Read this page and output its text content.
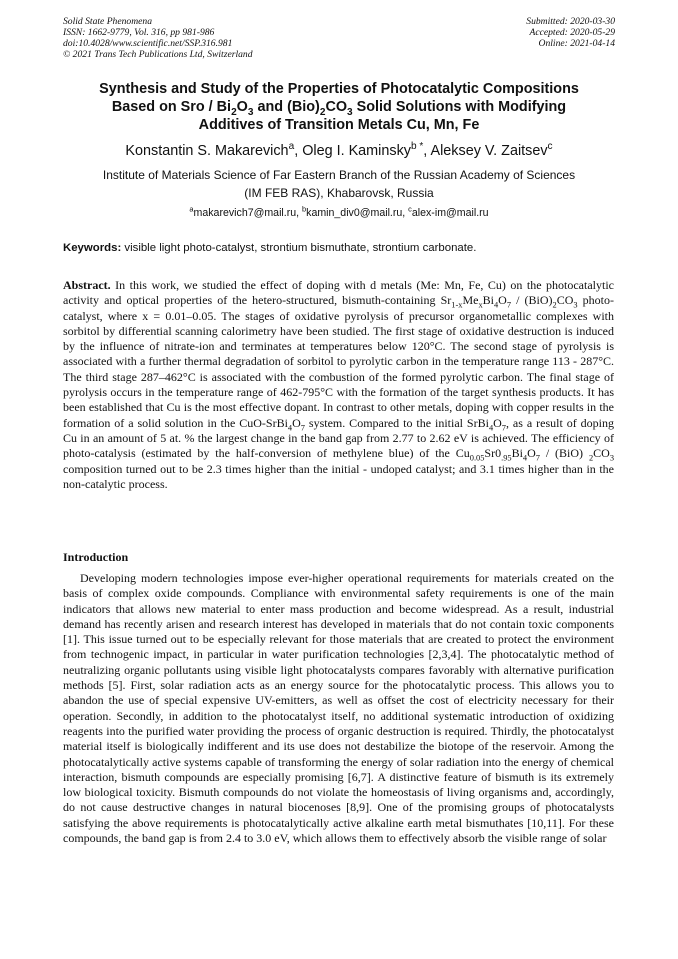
Solid State Phenomena
ISSN: 1662-9779, Vol. 316, pp 981-986
doi:10.4028/www.scientific.net/SSP.316.981
© 2021 Trans Tech Publications Ltd, Switzerland
Submitted: 2020-03-30
Accepted: 2020-05-29
Online: 2021-04-14
Synthesis and Study of the Properties of Photocatalytic Compositions
Based on Sro / $Bi_2O_3$ and $(Bio)_2CO_3$ Solid Solutions with Modifying
Additives of Transition Metals Cu, Mn, Fe
Konstantin S. Makarevich$^a$, Oleg I. Kaminsky$^{b *}$, Aleksey V. Zaitsev$^c$
Institute of Materials Science of Far Eastern Branch of the Russian Academy of Sciences
(IM FEB RAS), Khabarovsk, Russia
$^a$makarevich7@mail.ru, $^b$kamin_div0@mail.ru, $^c$alex-im@mail.ru
Keywords: visible light photo-catalyst, strontium bismuthate, strontium carbonate.
Abstract. In this work, we studied the effect of doping with d metals (Me: Mn, Fe, Cu) on the photocatalytic activity and optical properties of the hetero-structured, bismuth-containing $Sr_{1-x}Me_xBi_4O_7 / (BiO)_2CO_3$ photo-catalyst, where x = 0.01–0.05. The stages of oxidative pyrolysis of precursor organometallic complexes with sorbitol by differential scanning calorimetry have been studied. The first stage of oxidative destruction is induced by the influence of nitrate-ion and terminates at temperatures below 120°C. The second stage of pyrolysis is associated with a further thermal degradation of sorbitol to pyrolytic carbon in the temperature range 113 - 287°C. The third stage 287–462°C is associated with the combustion of the formed pyrolytic carbon. The final stage of pyrolysis occurs in the temperature range of 462-795°C with the formation of the target synthesis products. It has been established that Cu is the most effective dopant. In contrast to other metals, doping with copper results in the formation of a solid solution in the CuO-$SrBi_4O_7$ system. Compared to the initial $SrBi_4O_7$, as a result of doping Cu in an amount of 5 at. % the largest change in the band gap from 2.77 to 2.62 eV is achieved. The efficiency of photo-catalysis (estimated by the half-conversion of methylene blue) of the $Cu_{0.05}Sr0_{.95}Bi_4O_7 / (BiO)$ $_2CO_3$ composition turned out to be 2.3 times higher than the initial - undoped catalyst; and 3.1 times higher than in the non-catalytic process.
Introduction
Developing modern technologies impose ever-higher operational requirements for materials created on the basis of complex oxide compounds. Compliance with environmental safety requirements is one of the main indicators that allows new material to enter mass production and become widespread. As a result, industrial demand has recently arisen and research interest has developed in materials that do not contain toxic components [1]. This issue turned out to be especially relevant for those materials that are created to protect the environment from technogenic impact, in particular in water purification technologies [2,3,4]. The photocatalytic method of neutralizing organic pollutants using visible light photocatalysts compares favorably with alternative purification methods [5]. First, solar radiation acts as an energy source for the photocatalytic process. This allows you to abandon the use of special expensive UV-emitters, as well as offset the cost of electricity necessary for their operation. Secondly, in addition to the photocatalyst itself, no additional systematic introduction of oxidizing reagents into the purified water providing the process of organic destruction is required. Thirdly, the photocatalyst material itself is biologically indifferent and its use does not destabilize the biotope of the reservoir. Among the photocatalytically active systems capable of transforming the energy of solar radiation into the energy of chemical interaction, bismuth compounds are especially promising [6,7]. A distinctive feature of bismuth is its extremely low biological toxicity. Bismuth compounds do not violate the homeostasis of living organisms and, accordingly, do not cause destructive changes in natural biocenoses [8,9]. One of the promising groups of photocatalysts satisfying the above requirements is photocatalytically active alkaline earth metal bismuthates [10,11]. For these compounds, the band gap is from 2.4 to 3.0 eV, which allows them to effectively absorb the visible range of solar
